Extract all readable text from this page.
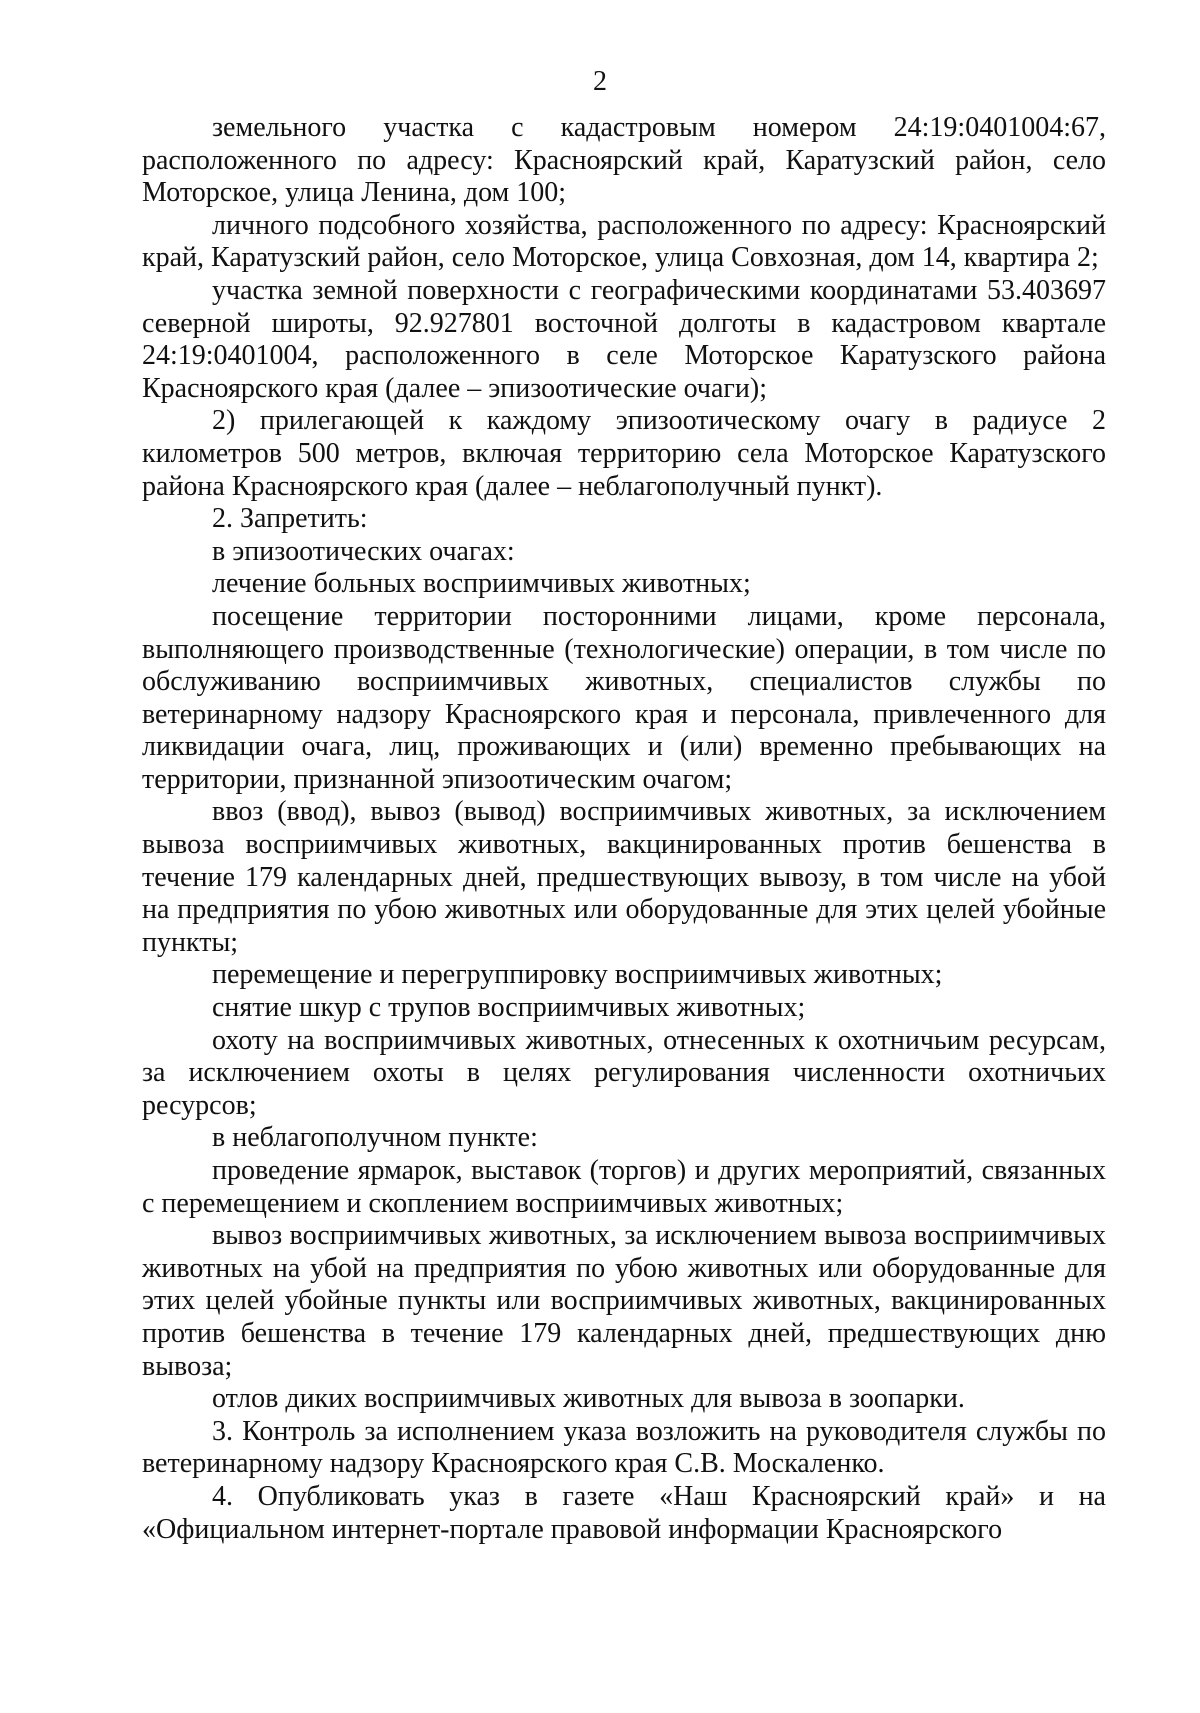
2

земельного участка с кадастровым номером 24:19:0401004:67, расположенного по адресу: Красноярский край, Каратузский район, село Моторское, улица Ленина, дом 100;

личного подсобного хозяйства, расположенного по адресу: Красноярский край, Каратузский район, село Моторское, улица Совхозная, дом 14, квартира 2;

участка земной поверхности с географическими координатами 53.403697 северной широты, 92.927801 восточной долготы в кадастровом квартале 24:19:0401004, расположенного в селе Моторское Каратузского района Красноярского края (далее – эпизоотические очаги);

2) прилегающей к каждому эпизоотическому очагу в радиусе 2 километров 500 метров, включая территорию села Моторское Каратузского района Красноярского края (далее – неблагополучный пункт).

2. Запретить:

в эпизоотических очагах:

лечение больных восприимчивых животных;

посещение территории посторонними лицами, кроме персонала, выполняющего производственные (технологические) операции, в том числе по обслуживанию восприимчивых животных, специалистов службы по ветеринарному надзору Красноярского края и персонала, привлеченного для ликвидации очага, лиц, проживающих и (или) временно пребывающих на территории, признанной эпизоотическим очагом;

ввоз (ввод), вывоз (вывод) восприимчивых животных, за исключением вывоза восприимчивых животных, вакцинированных против бешенства в течение 179 календарных дней, предшествующих вывозу, в том числе на убой на предприятия по убою животных или оборудованные для этих целей убойные пункты;

перемещение и перегруппировку восприимчивых животных;

снятие шкур с трупов восприимчивых животных;

охоту на восприимчивых животных, отнесенных к охотничьим ресурсам, за исключением охоты в целях регулирования численности охотничьих ресурсов;

в неблагополучном пункте:

проведение ярмарок, выставок (торгов) и других мероприятий, связанных с перемещением и скоплением восприимчивых животных;

вывоз восприимчивых животных, за исключением вывоза восприимчивых животных на убой на предприятия по убою животных или оборудованные для этих целей убойные пункты или восприимчивых животных, вакцинированных против бешенства в течение 179 календарных дней, предшествующих дню вывоза;

отлов диких восприимчивых животных для вывоза в зоопарки.

3. Контроль за исполнением указа возложить на руководителя службы по ветеринарному надзору Красноярского края С.В. Москаленко.

4. Опубликовать указ в газете «Наш Красноярский край» и на «Официальном интернет-портале правовой информации Красноярского
